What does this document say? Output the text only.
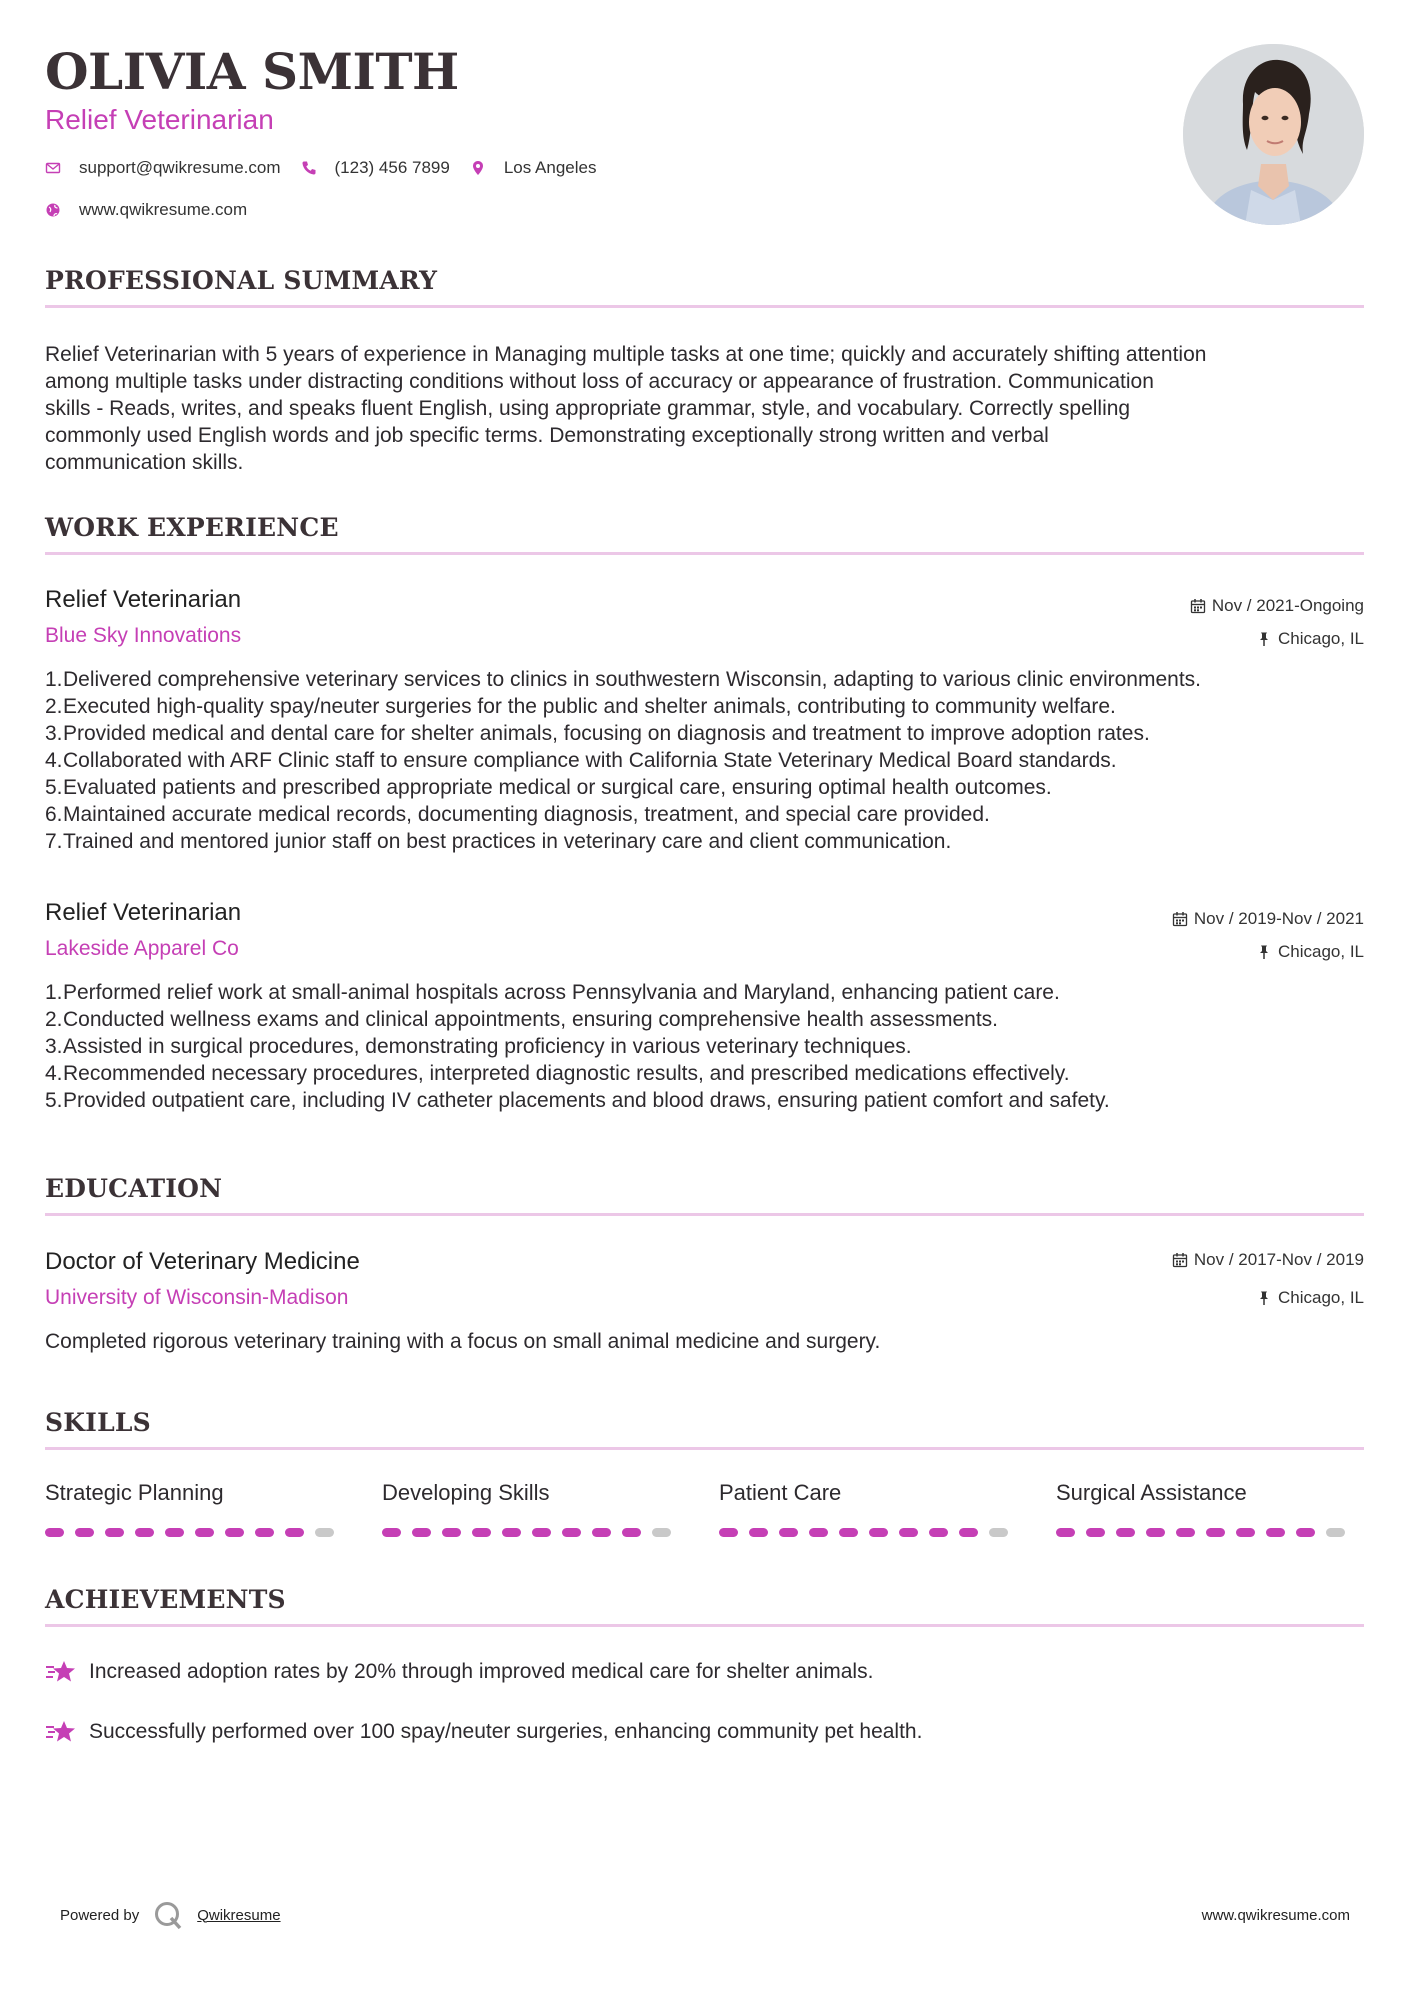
OLIVIA SMITH
Relief Veterinarian
support@qwikresume.com	(123) 456 7899	Los Angeles
www.qwikresume.com
PROFESSIONAL SUMMARY
Relief Veterinarian with 5 years of experience in Managing multiple tasks at one time; quickly and accurately shifting attention
among multiple tasks under distracting conditions without loss of accuracy or appearance of frustration. Communication
skills - Reads, writes, and speaks fluent English, using appropriate grammar, style, and vocabulary. Correctly spelling
commonly used English words and job specific terms. Demonstrating exceptionally strong written and verbal
communication skills.
WORK EXPERIENCE
Relief Veterinarian
Blue Sky Innovations
Nov / 2021-Ongoing
Chicago, IL
1. Delivered comprehensive veterinary services to clinics in southwestern Wisconsin, adapting to various clinic environments.
2. Executed high-quality spay/neuter surgeries for the public and shelter animals, contributing to community welfare.
3. Provided medical and dental care for shelter animals, focusing on diagnosis and treatment to improve adoption rates.
4. Collaborated with ARF Clinic staff to ensure compliance with California State Veterinary Medical Board standards.
5. Evaluated patients and prescribed appropriate medical or surgical care, ensuring optimal health outcomes.
6. Maintained accurate medical records, documenting diagnosis, treatment, and special care provided.
7. Trained and mentored junior staff on best practices in veterinary care and client communication.
Relief Veterinarian
Lakeside Apparel Co
Nov / 2019-Nov / 2021
Chicago, IL
1. Performed relief work at small-animal hospitals across Pennsylvania and Maryland, enhancing patient care.
2. Conducted wellness exams and clinical appointments, ensuring comprehensive health assessments.
3. Assisted in surgical procedures, demonstrating proficiency in various veterinary techniques.
4. Recommended necessary procedures, interpreted diagnostic results, and prescribed medications effectively.
5. Provided outpatient care, including IV catheter placements and blood draws, ensuring patient comfort and safety.
EDUCATION
Doctor of Veterinary Medicine
University of Wisconsin-Madison
Nov / 2017-Nov / 2019
Chicago, IL
Completed rigorous veterinary training with a focus on small animal medicine and surgery.
SKILLS
Strategic Planning	Developing Skills	Patient Care	Surgical Assistance
ACHIEVEMENTS
Increased adoption rates by 20% through improved medical care for shelter animals.
Successfully performed over 100 spay/neuter surgeries, enhancing community pet health.
Powered by	Qwikresume	www.qwikresume.com
